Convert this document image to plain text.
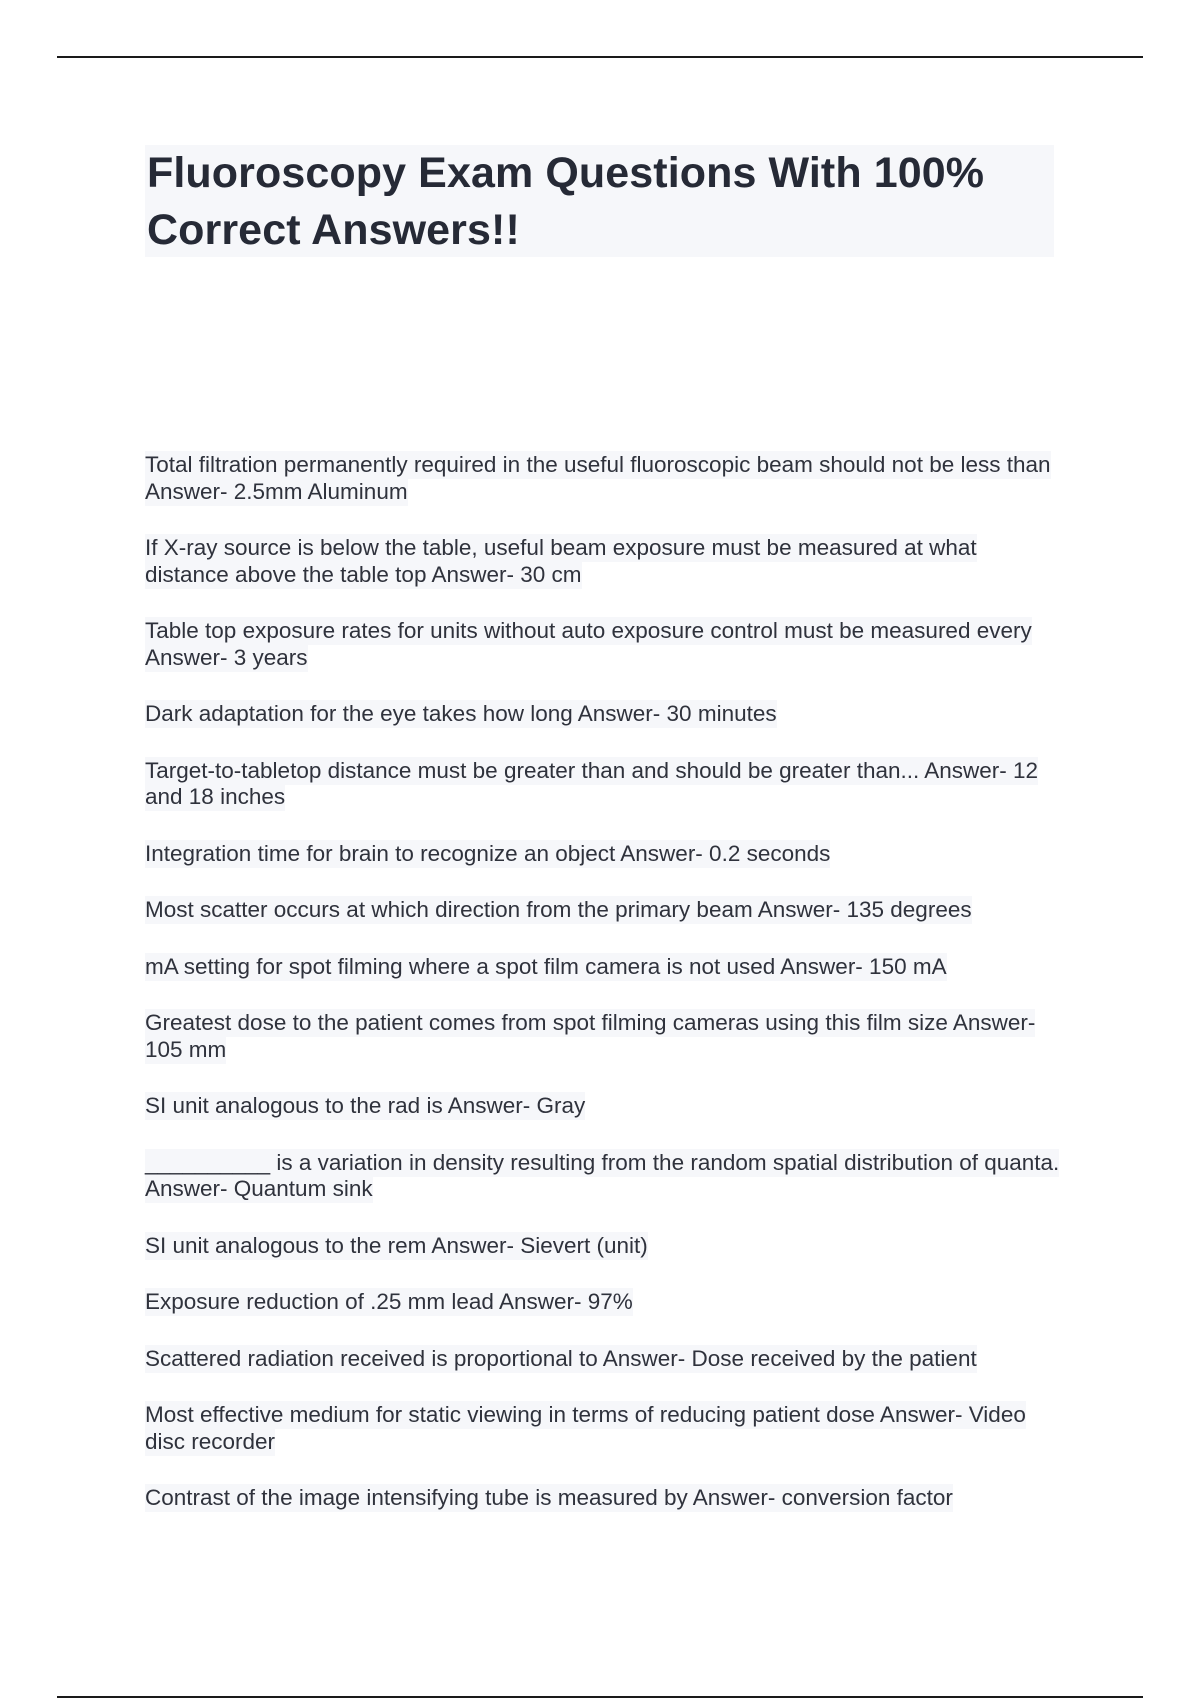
Fluoroscopy Exam Questions With 100% Correct Answers!!

Total filtration permanently required in the useful fluoroscopic beam should not be less than Answer- 2.5mm Aluminum

If X-ray source is below the table, useful beam exposure must be measured at what distance above the table top Answer- 30 cm

Table top exposure rates for units without auto exposure control must be measured every Answer- 3 years

Dark adaptation for the eye takes how long Answer- 30 minutes

Target-to-tabletop distance must be greater than and should be greater than... Answer- 12 and 18 inches

Integration time for brain to recognize an object Answer- 0.2 seconds

Most scatter occurs at which direction from the primary beam Answer- 135 degrees

mA setting for spot filming where a spot film camera is not used Answer- 150 mA

Greatest dose to the patient comes from spot filming cameras using this film size Answer- 105 mm

SI unit analogous to the rad is Answer- Gray

__________ is a variation in density resulting from the random spatial distribution of quanta. Answer- Quantum sink

SI unit analogous to the rem Answer- Sievert (unit)

Exposure reduction of .25 mm lead Answer- 97%

Scattered radiation received is proportional to Answer- Dose received by the patient

Most effective medium for static viewing in terms of reducing patient dose Answer- Video disc recorder

Contrast of the image intensifying tube is measured by Answer- conversion factor
